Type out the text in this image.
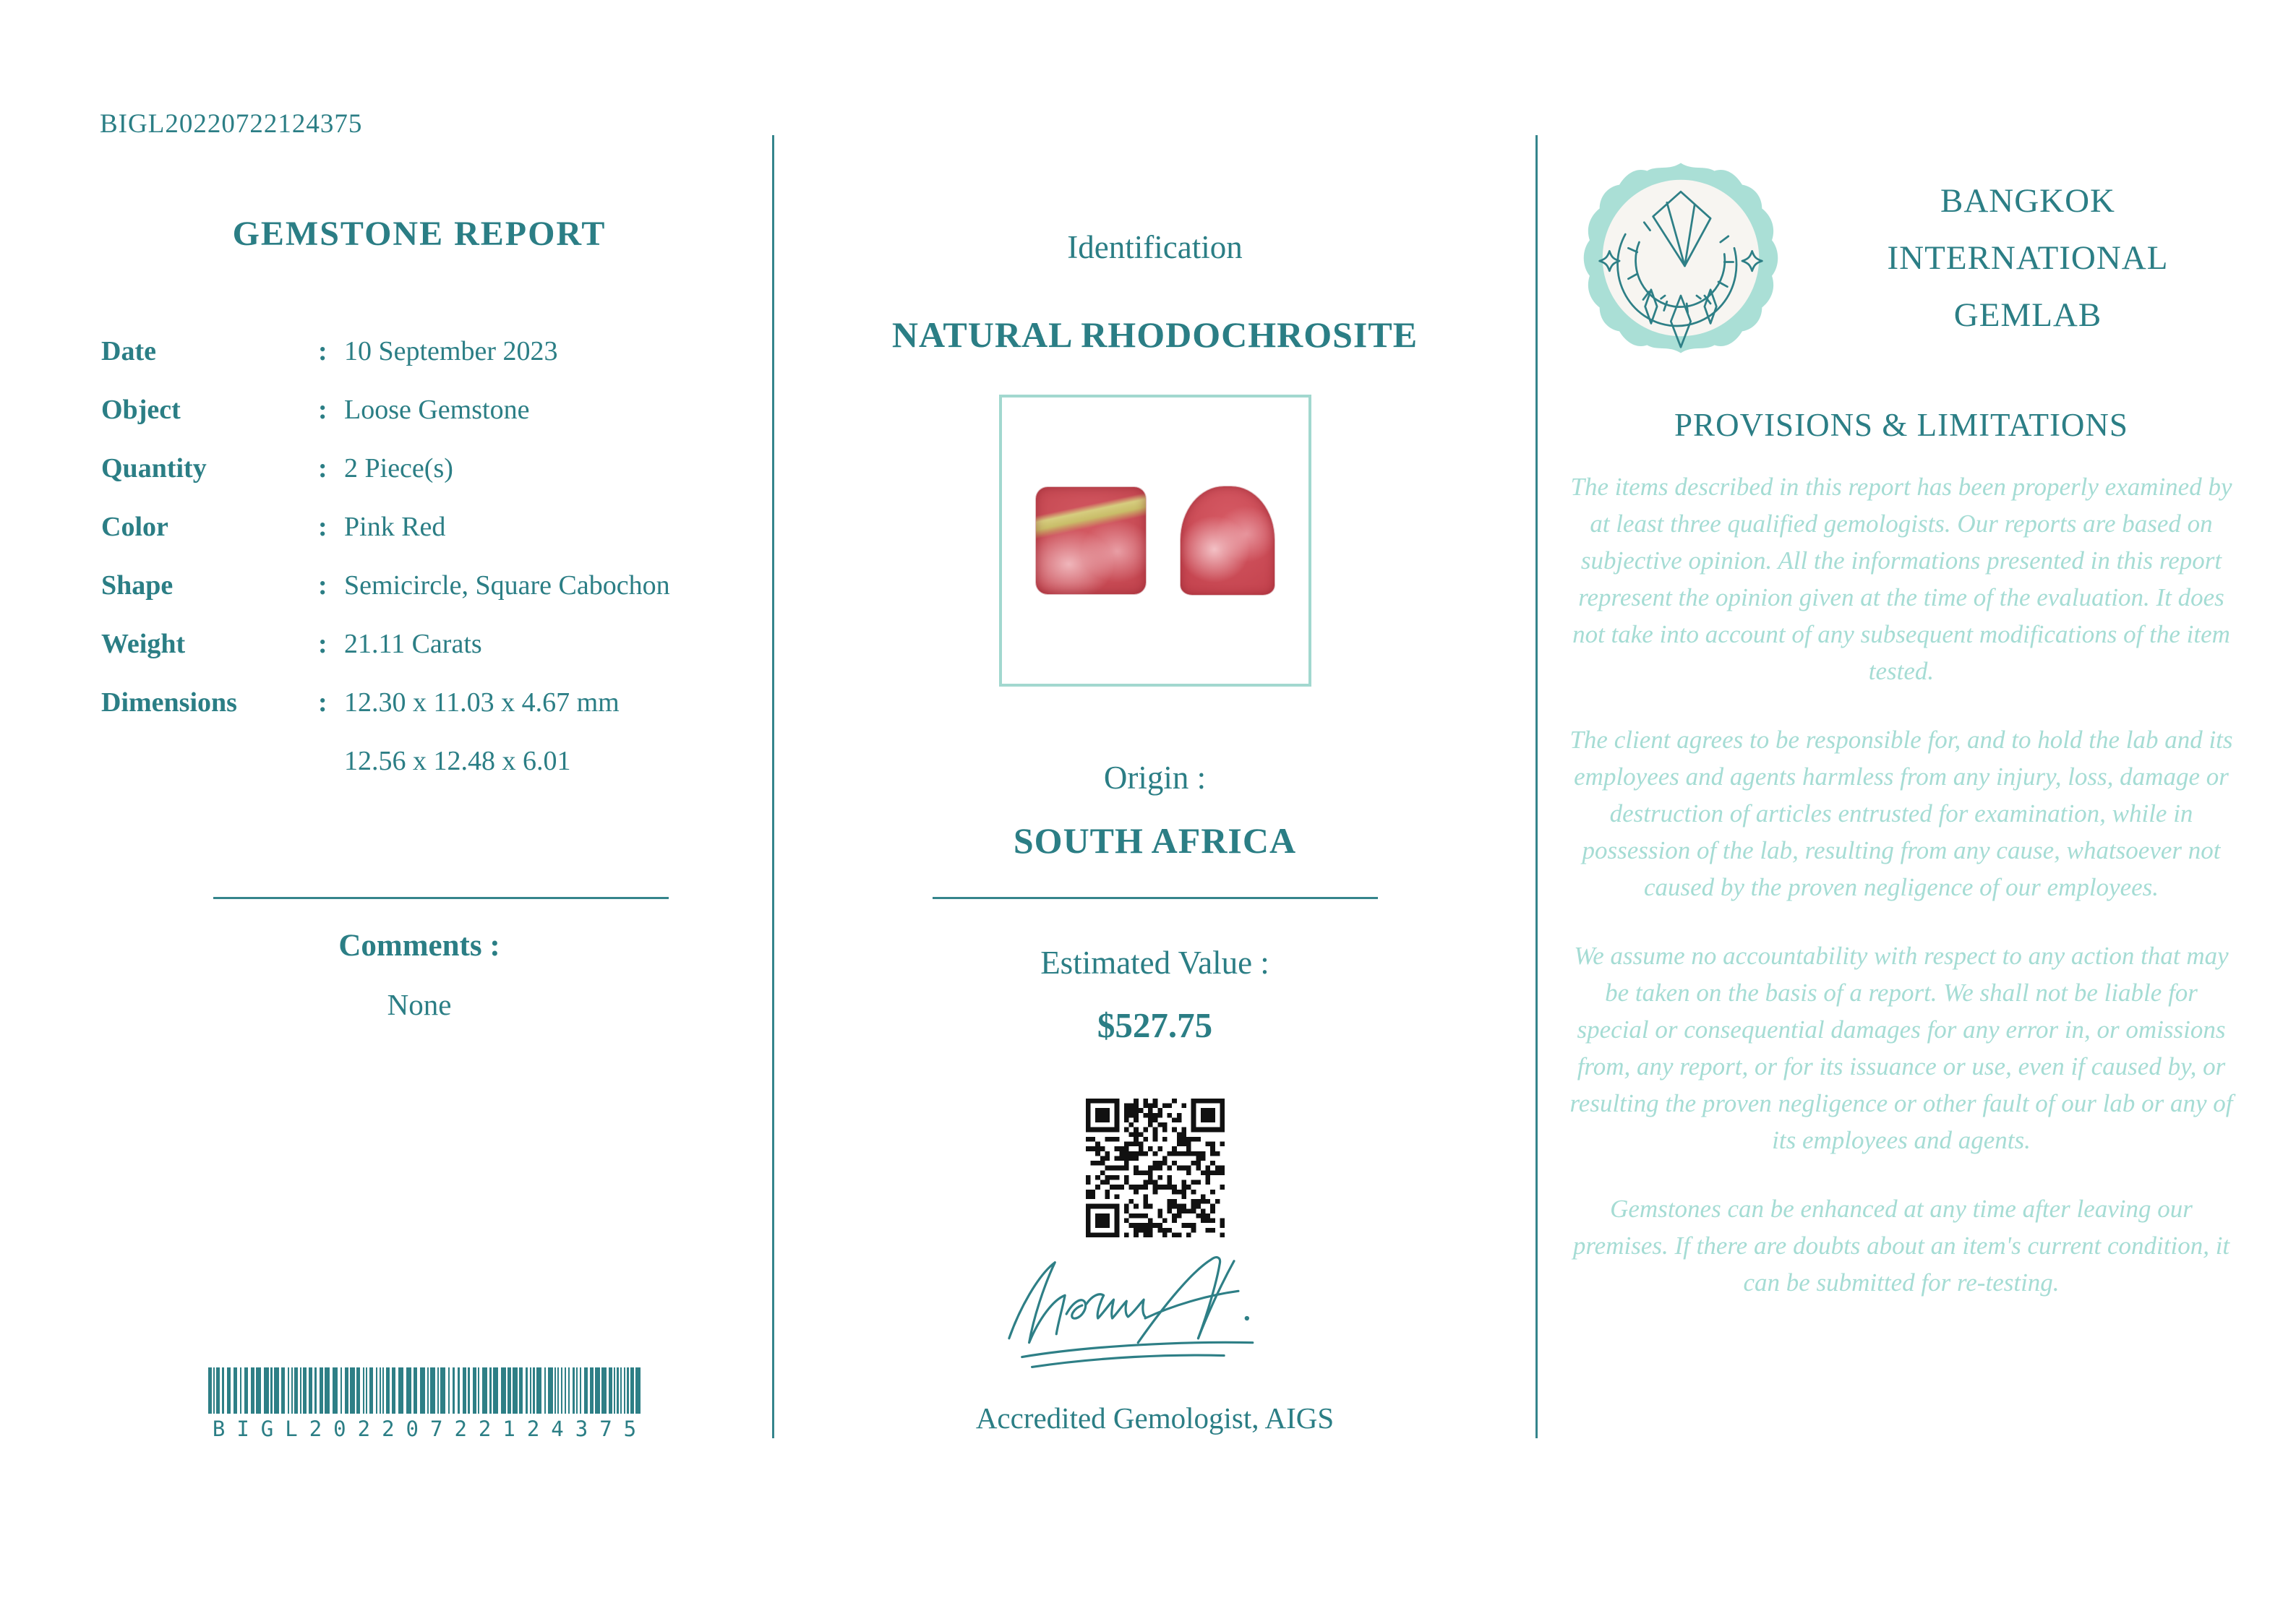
BIGL20220722124375
GEMSTONE REPORT
Date :	10 September 2023
Object :	Loose Gemstone
Quantity :	2 Piece(s)
Color :	Pink Red
Shape :	Semicircle, Square Cabochon
Weight :	21.11 Carats
Dimensions :	12.30 x 11.03 x 4.67 mm
12.56 x 12.48 x 6.01
Comments :
None
BIGL20220722124375
Identification
NATURAL RHODOCHROSITE
Origin :
SOUTH AFRICA
Estimated Value :
$527.75
Accredited Gemologist, AIGS
BANGKOK
INTERNATIONAL
GEMLAB
PROVISIONS & LIMITATIONS

The items described in this report has been properly examined by at least three qualified gemologists. Our reports are based on subjective opinion. All the informations presented in this report represent the opinion given at the time of the evaluation. It does not take into account of any subsequent modifications of the item tested.

The client agrees to be responsible for, and to hold the lab and its employees and agents harmless from any injury, loss, damage or destruction of articles entrusted for examination, while in possession of the lab, resulting from any cause, whatsoever not caused by the proven negligence of our employees.

We assume no accountability with respect to any action that may be taken on the basis of a report. We shall not be liable for special or consequential damages for any error in, or omissions from, any report, or for its issuance or use, even if caused by, or resulting the proven negligence or other fault of our lab or any of its employees and agents.

Gemstones can be enhanced at any time after leaving our premises. If there are doubts about an item's current condition, it can be submitted for re-testing.
